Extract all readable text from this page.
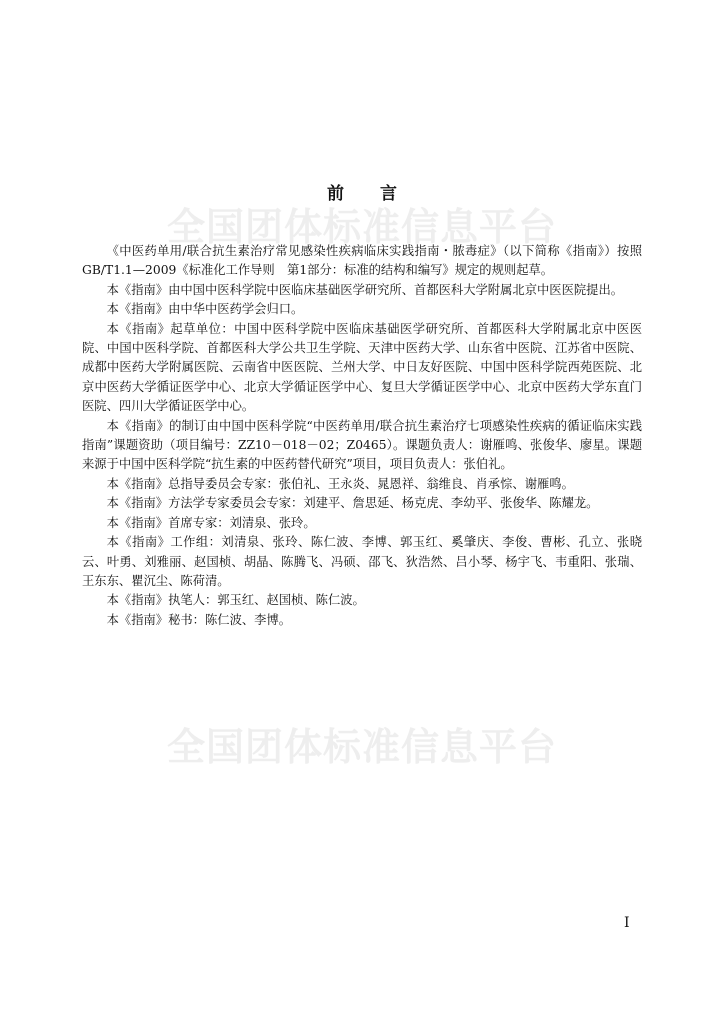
全国团体标准信息平台
全国团体标准信息平台
前言

《中医药单用/联合抗生素治疗常见感染性疾病临床实践指南・脓毒症》（以下简称《指南》）按照GB/T1.1—2009《标准化工作导则　第1部分：标准的结构和编写》规定的规则起草。

本《指南》由中国中医科学院中医临床基础医学研究所、首都医科大学附属北京中医医院提出。

本《指南》由中华中医药学会归口。

本《指南》起草单位：中国中医科学院中医临床基础医学研究所、首都医科大学附属北京中医医院、中国中医科学院、首都医科大学公共卫生学院、天津中医药大学、山东省中医院、江苏省中医院、成都中医药大学附属医院、云南省中医医院、兰州大学、中日友好医院、中国中医科学院西苑医院、北京中医药大学循证医学中心、北京大学循证医学中心、复旦大学循证医学中心、北京中医药大学东直门医院、四川大学循证医学中心。

本《指南》的制订由中国中医科学院“中医药单用/联合抗生素治疗七项感染性疾病的循证临床实践指南”课题资助（项目编号：ZZ10－018－02；Z0465）。课题负责人：谢雁鸣、张俊华、廖星。课题来源于中国中医科学院“抗生素的中医药替代研究”项目，项目负责人：张伯礼。

本《指南》总指导委员会专家：张伯礼、王永炎、晁恩祥、翁维良、肖承悰、谢雁鸣。

本《指南》方法学专家委员会专家：刘建平、詹思延、杨克虎、李幼平、张俊华、陈耀龙。

本《指南》首席专家：刘清泉、张玲。

本《指南》工作组：刘清泉、张玲、陈仁波、李博、郭玉红、奚肇庆、李俊、曹彬、孔立、张晓云、叶勇、刘雅丽、赵国桢、胡晶、陈腾飞、冯硕、邵飞、狄浩然、吕小琴、杨宇飞、韦重阳、张瑞、王东东、瞿沉尘、陈荷清。

本《指南》执笔人：郭玉红、赵国桢、陈仁波。

本《指南》秘书：陈仁波、李博。

I
